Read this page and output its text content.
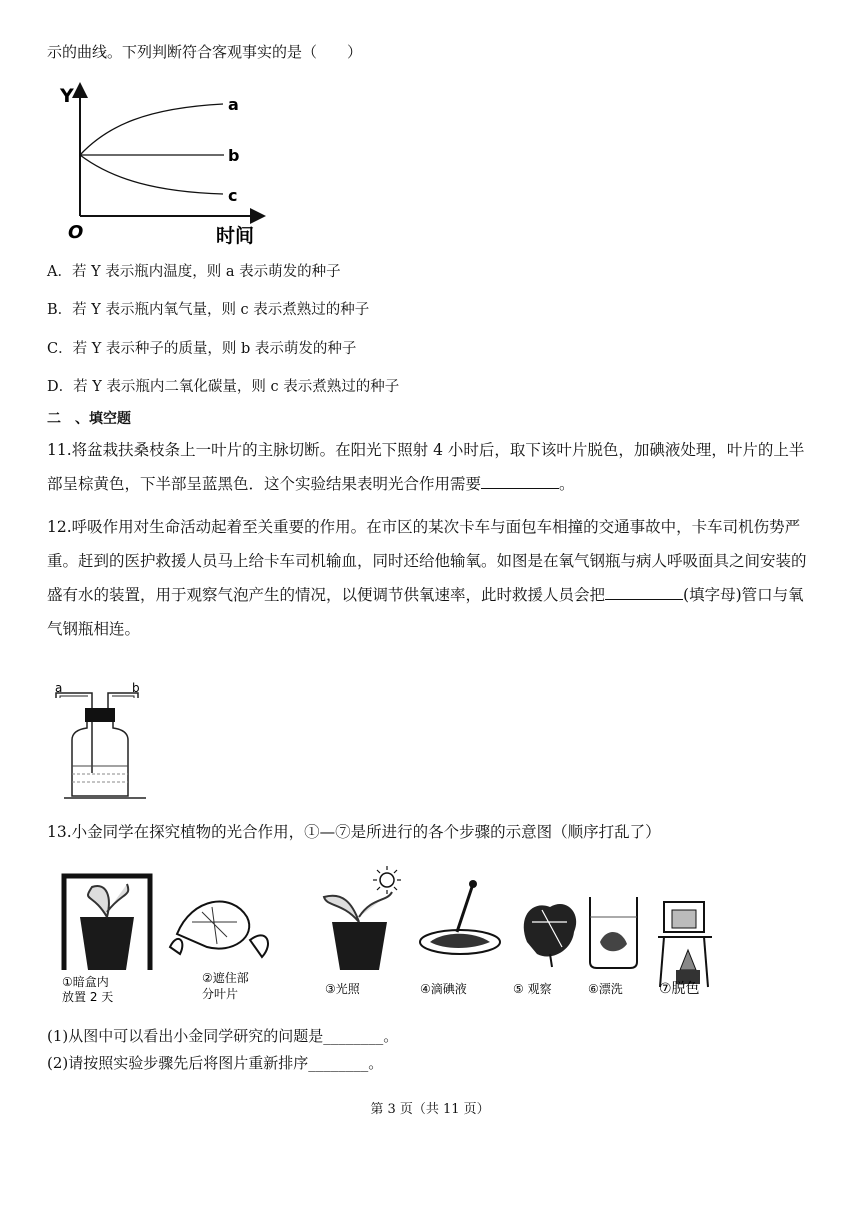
示的曲线。下列判断符合客观事实的是（　　）
Y
O	时间
a
b
c
A．若 Y 表示瓶内温度，则 a 表示萌发的种子
B．若 Y 表示瓶内氧气量，则 c 表示煮熟过的种子
C．若 Y 表示种子的质量，则 b 表示萌发的种子
D．若 Y 表示瓶内二氧化碳量，则 c 表示煮熟过的种子
二　、填空题
11.将盆栽扶桑枝条上一叶片的主脉切断。在阳光下照射 4 小时后，取下该叶片脱色，加碘液处理，叶片的上半部呈棕黄色，下半部呈蓝黑色．这个实验结果表明光合作用需要	。
12.呼吸作用对生命活动起着至关重要的作用。在市区的某次卡车与面包车相撞的交通事故中，卡车司机伤势严重。赶到的医护救援人员马上给卡车司机输血，同时还给他输氧。如图是在氧气钢瓶与病人呼吸面具之间安装的盛有水的装置，用于观察气泡产生的情况，以便调节供氧速率，此时救援人员会把	(填字母)管口与氧气钢瓶相连。
a	b
13.小金同学在探究植物的光合作用，①—⑦是所进行的各个步骤的示意图（顺序打乱了）
①暗盒内
放置 2 天
②遮住部
分叶片	③光照	④滴碘液	⑤ 观察	⑥漂洗	⑦脱色
(1)从图中可以看出小金同学研究的问题是________。
(2)请按照实验步骤先后将图片重新排序________。
第 3 页（共 11 页）
